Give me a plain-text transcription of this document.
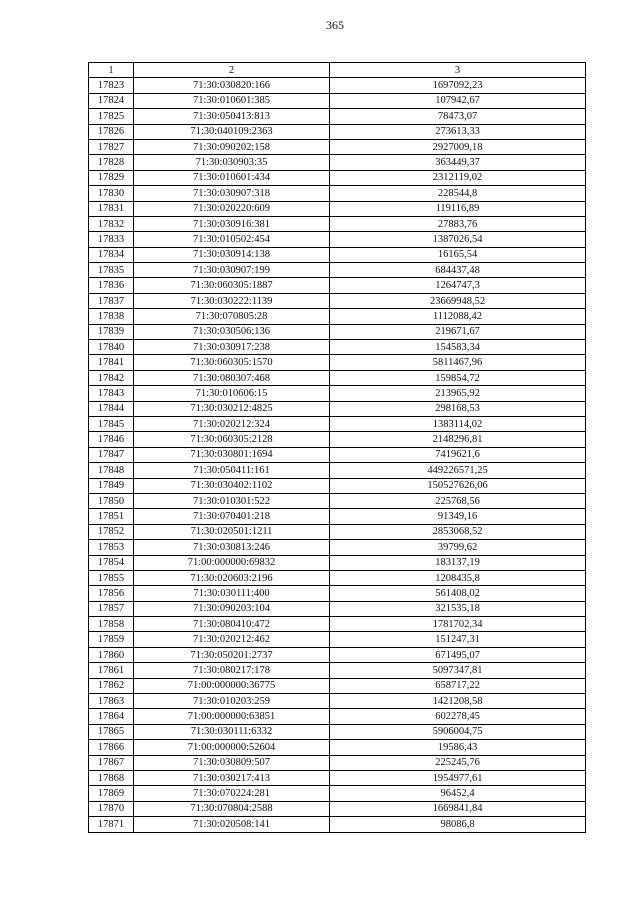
365
1	2	3
17823	71:30:030820:166	1697092,23
17824	71:30:010601:385	107942,67
17825	71:30:050413:813	78473,07
17826	71:30:040109:2363	273613,33
17827	71:30:090202:158	2927009,18
17828	71:30:030903:35	363449,37
17829	71:30:010601:434	2312119,02
17830	71:30:030907:318	228544,8
17831	71:30:020220:609	119116,89
17832	71:30:030916:381	27883,76
17833	71:30:010502:454	1387026,54
17834	71:30:030914:138	16165,54
17835	71:30:030907:199	684437,48
17836	71:30:060305:1887	1264747,3
17837	71:30:030222:1139	23669948,52
17838	71:30:070805:28	1112088,42
17839	71:30:030506:136	219671,67
17840	71:30:030917:238	154583,34
17841	71:30:060305:1570	5811467,96
17842	71:30:080307:468	159854,72
17843	71:30:010606:15	213965,92
17844	71:30:030212:4825	298168,53
17845	71:30:020212:324	1383114,02
17846	71:30:060305:2128	2148296,81
17847	71:30:030801:1694	7419621,6
17848	71:30:050411:161	449226571,25
17849	71:30:030402:1102	150527626,06
17850	71:30:010301:522	225768,56
17851	71:30:070401:218	91349,16
17852	71:30:020501:1211	2853068,52
17853	71:30:030813:246	39799,62
17854	71:00:000000:69832	183137,19
17855	71:30:020603:2196	1208435,8
17856	71:30:030111:400	561408,02
17857	71:30:090203:104	321535,18
17858	71:30:080410:472	1781702,34
17859	71:30:020212:462	151247,31
17860	71:30:050201:2737	671495,07
17861	71:30:080217:178	5097347,81
17862	71:00:000000:36775	658717,22
17863	71:30:010203:259	1421208,58
17864	71:00:000000:63851	602278,45
17865	71:30:030111:6332	5906004,75
17866	71:00:000000:52604	19586,43
17867	71:30:030809:507	225245,76
17868	71:30:030217:413	1954977,61
17869	71:30:070224:281	96452,4
17870	71:30:070804:2588	1669841,84
17871	71:30:020508:141	98086,8
